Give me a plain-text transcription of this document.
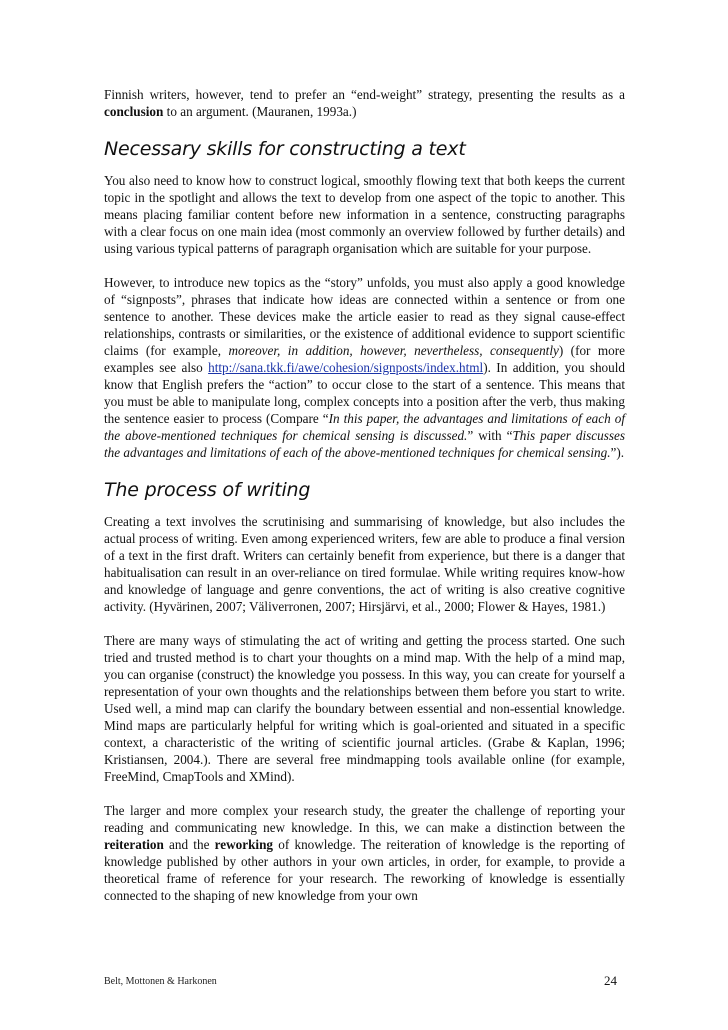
Finnish writers, however, tend to prefer an “end-weight” strategy, presenting the results as a conclusion to an argument. (Mauranen, 1993a.)

Necessary skills for constructing a text

You also need to know how to construct logical, smoothly flowing text that both keeps the current topic in the spotlight and allows the text to develop from one aspect of the topic to another. This means placing familiar content before new information in a sentence, constructing paragraphs with a clear focus on one main idea (most commonly an overview followed by further details) and using various typical patterns of paragraph organisation which are suitable for your purpose.

However, to introduce new topics as the “story” unfolds, you must also apply a good knowledge of “signposts”, phrases that indicate how ideas are connected within a sentence or from one sentence to another. These devices make the article easier to read as they signal cause-effect relationships, contrasts or similarities, or the existence of additional evidence to support scientific claims (for example, moreover, in addition, however, nevertheless, consequently) (for more examples see also http://sana.tkk.fi/awe/cohesion/signposts/index.html). In addition, you should know that English prefers the “action” to occur close to the start of a sentence. This means that you must be able to manipulate long, complex concepts into a position after the verb, thus making the sentence easier to process (Compare “In this paper, the advantages and limitations of each of the above-mentioned techniques for chemical sensing is discussed.” with “This paper discusses the advantages and limitations of each of the above-mentioned techniques for chemical sensing.”).

The process of writing

Creating a text involves the scrutinising and summarising of knowledge, but also includes the actual process of writing. Even among experienced writers, few are able to produce a final version of a text in the first draft. Writers can certainly benefit from experience, but there is a danger that habitualisation can result in an over-reliance on tired formulae. While writing requires know-how and knowledge of language and genre conventions, the act of writing is also creative cognitive activity. (Hyvärinen, 2007; Väliverronen, 2007; Hirsjärvi, et al., 2000; Flower & Hayes, 1981.)

There are many ways of stimulating the act of writing and getting the process started. One such tried and trusted method is to chart your thoughts on a mind map. With the help of a mind map, you can organise (construct) the knowledge you possess. In this way, you can create for yourself a representation of your own thoughts and the relationships between them before you start to write. Used well, a mind map can clarify the boundary between essential and non-essential knowledge. Mind maps are particularly helpful for writing which is goal-oriented and situated in a specific context, a characteristic of the writing of scientific journal articles. (Grabe & Kaplan, 1996; Kristiansen, 2004.). There are several free mindmapping tools available online (for example, FreeMind, CmapTools and XMind).

The larger and more complex your research study, the greater the challenge of reporting your reading and communicating new knowledge. In this, we can make a distinction between the reiteration and the reworking of knowledge. The reiteration of knowledge is the reporting of knowledge published by other authors in your own articles, in order, for example, to provide a theoretical frame of reference for your research. The reworking of knowledge is essentially connected to the shaping of new knowledge from your own

Belt, Mottonen & Harkonen	24
